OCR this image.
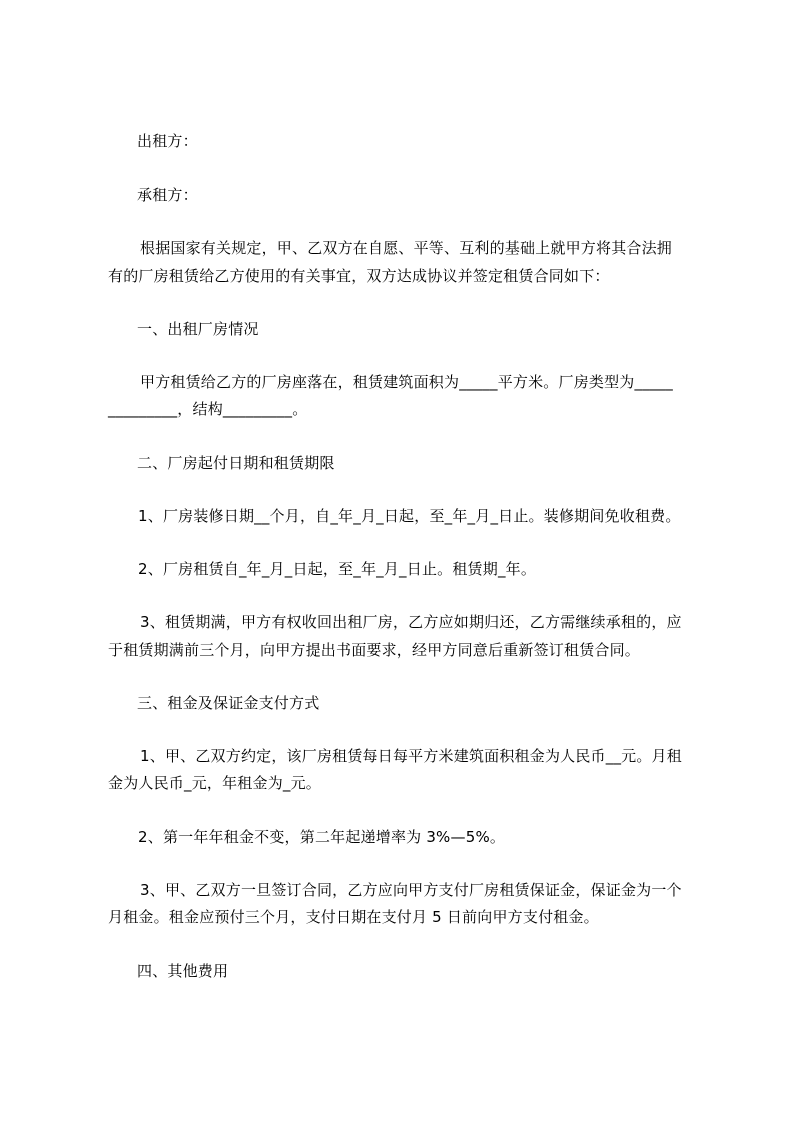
出租方：
承租方：
根据国家有关规定，甲、乙双方在自愿、平等、互利的基础上就甲方将其合法拥
有的厂房租赁给乙方使用的有关事宜，双方达成协议并签定租赁合同如下：
一、出租厂房情况
甲方租赁给乙方的厂房座落在，租赁建筑面积为_____平方米。厂房类型为_____
_________，结构_________。
二、厂房起付日期和租赁期限
1、厂房装修日期__个月，自_年_月_日起，至_年_月_日止。装修期间免收租费。
2、厂房租赁自_年_月_日起，至_年_月_日止。租赁期_年。
3、租赁期满，甲方有权收回出租厂房，乙方应如期归还，乙方需继续承租的，应
于租赁期满前三个月，向甲方提出书面要求，经甲方同意后重新签订租赁合同。
三、租金及保证金支付方式
1、甲、乙双方约定，该厂房租赁每日每平方米建筑面积租金为人民币__元。月租
金为人民币_元，年租金为_元。
2、第一年年租金不变，第二年起递增率为 3%—5%。
3、甲、乙双方一旦签订合同，乙方应向甲方支付厂房租赁保证金，保证金为一个
月租金。租金应预付三个月，支付日期在支付月 5 日前向甲方支付租金。
四、其他费用
